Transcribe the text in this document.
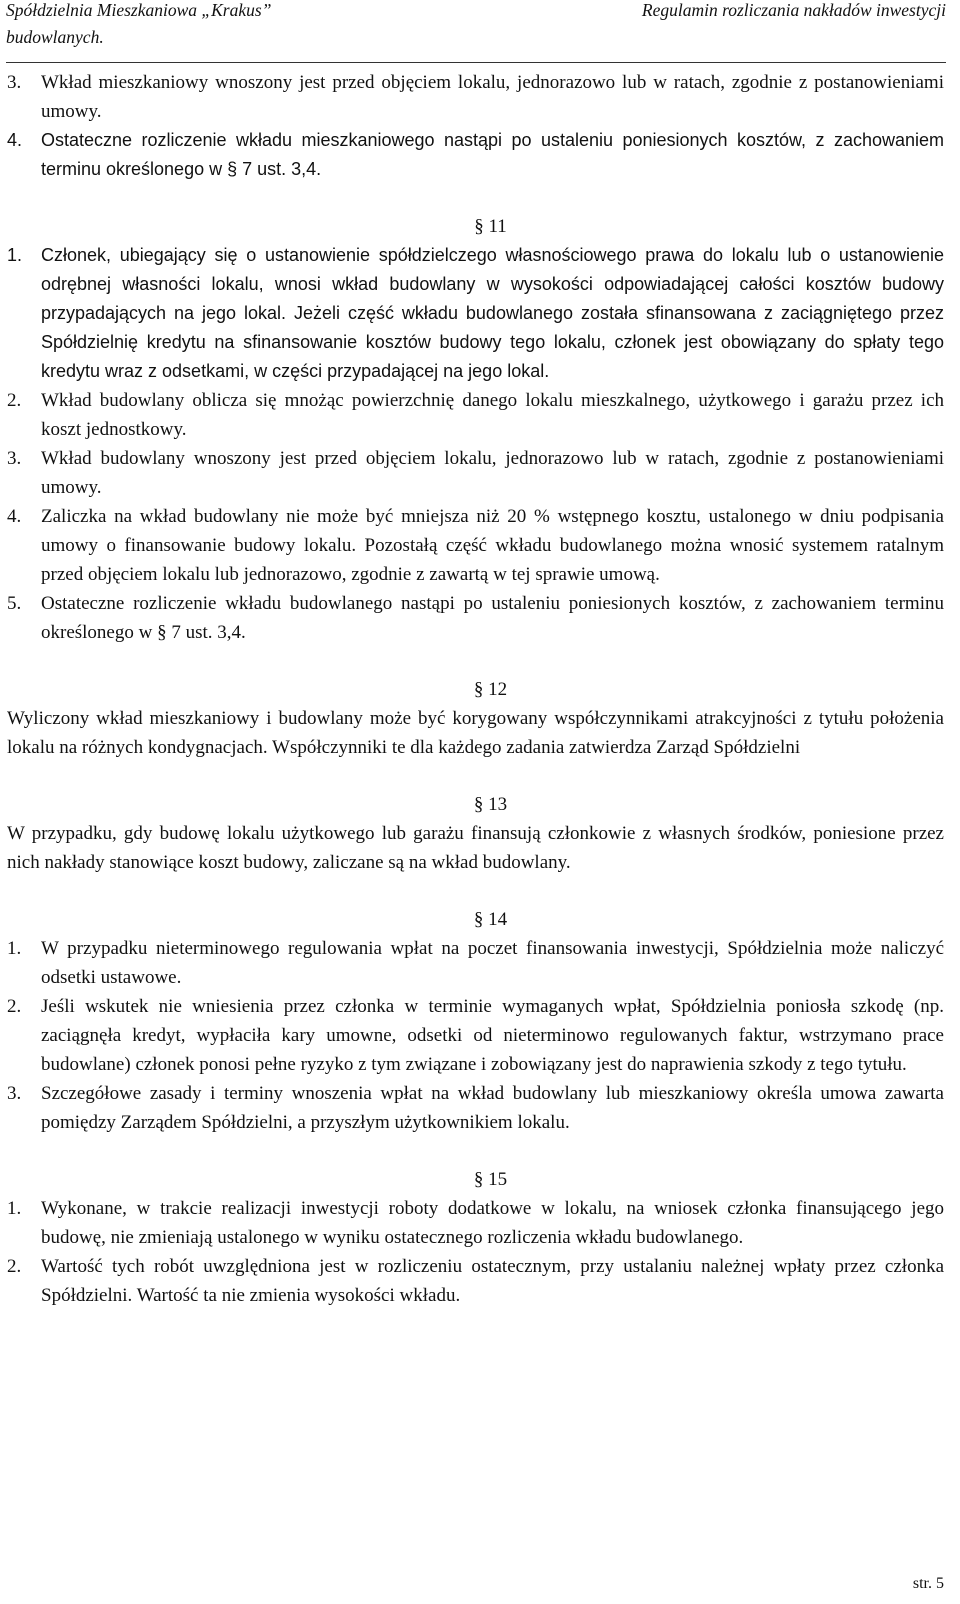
Spółdzielnia Mieszkaniowa „Krakus”
budowlanych.
Regulamin rozliczania nakładów inwestycji
3.	Wkład mieszkaniowy wnoszony jest przed objęciem lokalu, jednorazowo lub w ratach, zgodnie z postanowieniami umowy.
4.	Ostateczne rozliczenie wkładu mieszkaniowego nastąpi po ustaleniu poniesionych kosztów, z zachowaniem terminu określonego w § 7 ust. 3,4.
§ 11
1.	Członek, ubiegający się o ustanowienie spółdzielczego własnościowego prawa do lokalu lub o ustanowienie odrębnej własności lokalu, wnosi wkład budowlany w wysokości odpowiadającej całości kosztów budowy przypadających na jego lokal. Jeżeli część wkładu budowlanego została sfinansowana z zaciągniętego przez Spółdzielnię kredytu na sfinansowanie kosztów budowy tego lokalu, członek jest obowiązany do spłaty tego kredytu wraz z odsetkami, w części przypadającej na jego lokal.
2.	Wkład budowlany oblicza się mnożąc powierzchnię danego lokalu mieszkalnego, użytkowego i garażu przez ich koszt jednostkowy.
3.	Wkład budowlany wnoszony jest przed objęciem lokalu, jednorazowo lub w ratach, zgodnie z postanowieniami umowy.
4.	Zaliczka na wkład budowlany nie może być mniejsza niż 20 % wstępnego kosztu, ustalonego w dniu podpisania umowy o finansowanie budowy lokalu. Pozostałą część wkładu budowlanego można wnosić systemem ratalnym przed objęciem lokalu lub jednorazowo, zgodnie z zawartą w tej sprawie umową.
5.	Ostateczne rozliczenie wkładu budowlanego nastąpi po ustaleniu poniesionych kosztów, z zachowaniem terminu określonego w § 7 ust. 3,4.
§ 12
Wyliczony wkład mieszkaniowy i budowlany może być korygowany współczynnikami atrakcyjności z tytułu położenia lokalu na różnych kondygnacjach. Współczynniki te dla każdego zadania zatwierdza Zarząd Spółdzielni
§ 13
W przypadku, gdy budowę lokalu użytkowego lub garażu finansują członkowie z własnych środków, poniesione przez nich nakłady stanowiące koszt budowy, zaliczane są na wkład budowlany.
§ 14
1.	W przypadku nieterminowego regulowania wpłat na poczet finansowania inwestycji, Spółdzielnia może naliczyć odsetki ustawowe.
2.	Jeśli wskutek nie wniesienia przez członka w terminie wymaganych wpłat, Spółdzielnia poniosła szkodę (np. zaciągnęła kredyt, wypłaciła kary umowne, odsetki od nieterminowo regulowanych faktur, wstrzymano prace budowlane) członek ponosi pełne ryzyko z tym związane i zobowiązany jest do naprawienia szkody z tego tytułu.
3.	Szczegółowe zasady i terminy wnoszenia wpłat na wkład budowlany lub mieszkaniowy określa umowa zawarta pomiędzy Zarządem Spółdzielni, a przyszłym użytkownikiem lokalu.
§ 15
1.	Wykonane, w trakcie realizacji inwestycji roboty dodatkowe w lokalu, na wniosek członka finansującego jego budowę, nie zmieniają ustalonego w wyniku ostatecznego rozliczenia wkładu budowlanego.
2.	Wartość tych robót uwzględniona jest w rozliczeniu ostatecznym, przy ustalaniu należnej wpłaty przez członka Spółdzielni. Wartość ta nie zmienia wysokości wkładu.
str. 5
